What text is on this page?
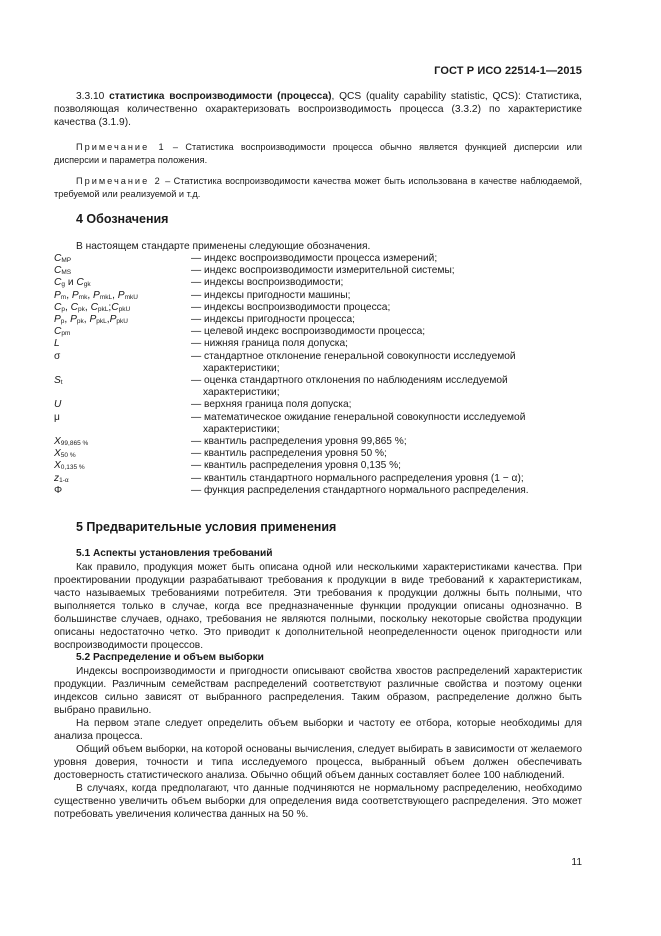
ГОСТ Р ИСО 22514-1—2015

3.3.10 статистика воспроизводимости (процесса), QCS (quality capability statistic, QCS): Статистика, позволяющая количественно охарактеризовать воспроизводимость процесса (3.3.2) по характеристике качества (3.1.9).

Примечание 1 – Статистика воспроизводимости процесса обычно является функцией дисперсии или дисперсии и параметра положения.

Примечание 2 – Статистика воспроизводимости качества может быть использована в качестве наблюдаемой, требуемой или реализуемой и т.д.

4 Обозначения

В настоящем стандарте применены следующие обозначения.

$C_{MP}$	— индекс воспроизводимости процесса измерений;
$C_{MS}$	— индекс воспроизводимости измерительной системы;
$C_g$ и $C_{gk}$	— индексы воспроизводимости;
$P_m$, $P_{mk}$, $P_{mkL}$, $P_{mkU}$	— индексы пригодности машины;
$C_p$, $C_{pk}$, $C_{pkL};C_{pkU}$	— индексы воспроизводимости процесса;
$P_p$, $P_{pk}$, $P_{pkL},P_{pkU}$	— индексы пригодности процесса;
$C_{pm}$	— целевой индекс воспроизводимости процесса;
L	— нижняя граница поля допуска;
σ	— стандартное отклонение генеральной совокупности исследуемой
характеристики;
$S_t$	— оценка стандартного отклонения по наблюдениям исследуемой
характеристики;
U	— верхняя граница поля допуска;
μ	— математическое ожидание генеральной совокупности исследуемой
характеристики;
$X_{99,865 \%}$	— квантиль распределения уровня 99,865 %;
$X_{50 \%}$	— квантиль распределения уровня 50 %;
$X_{0,135 \%}$	— квантиль распределения уровня 0,135 %;
$z_{1-\alpha}$	— квантиль стандартного нормального распределения уровня (1 − α);
Φ	— функция распределения стандартного нормального распределения.
5 Предварительные условия применения
5.1 Аспекты установления требований

Как правило, продукция может быть описана одной или несколькими характеристиками качества. При проектировании продукции разрабатывают требования к продукции в виде требований к характеристикам, часто называемых требованиями потребителя. Эти требования к продукции должны быть полными, что выполняется только в случае, когда все предназначенные функции продукции описаны однозначно. В большинстве случаев, однако, требования не являются полными, поскольку некоторые свойства продукции описаны недостаточно четко. Это приводит к дополнительной неопределенности оценок пригодности или воспроизводимости процессов.

5.2 Распределение и объем выборки

Индексы воспроизводимости и пригодности описывают свойства хвостов распределений характеристик продукции. Различным семействам распределений соответствуют различные свойства и поэтому оценки индексов сильно зависят от выбранного распределения. Таким образом, распределение должно быть выбрано правильно.

На первом этапе следует определить объем выборки и частоту ее отбора, которые необходимы для анализа процесса.

Общий объем выборки, на которой основаны вычисления, следует выбирать в зависимости от желаемого уровня доверия, точности и типа исследуемого процесса, выбранный объем должен обеспечивать достоверность статистического анализа. Обычно общий объем данных составляет более 100 наблюдений.

В случаях, когда предполагают, что данные подчиняются не нормальному распределению, необходимо существенно увеличить объем выборки для определения вида соответствующего распределения. Это может потребовать увеличения количества данных на 50 %.

11
